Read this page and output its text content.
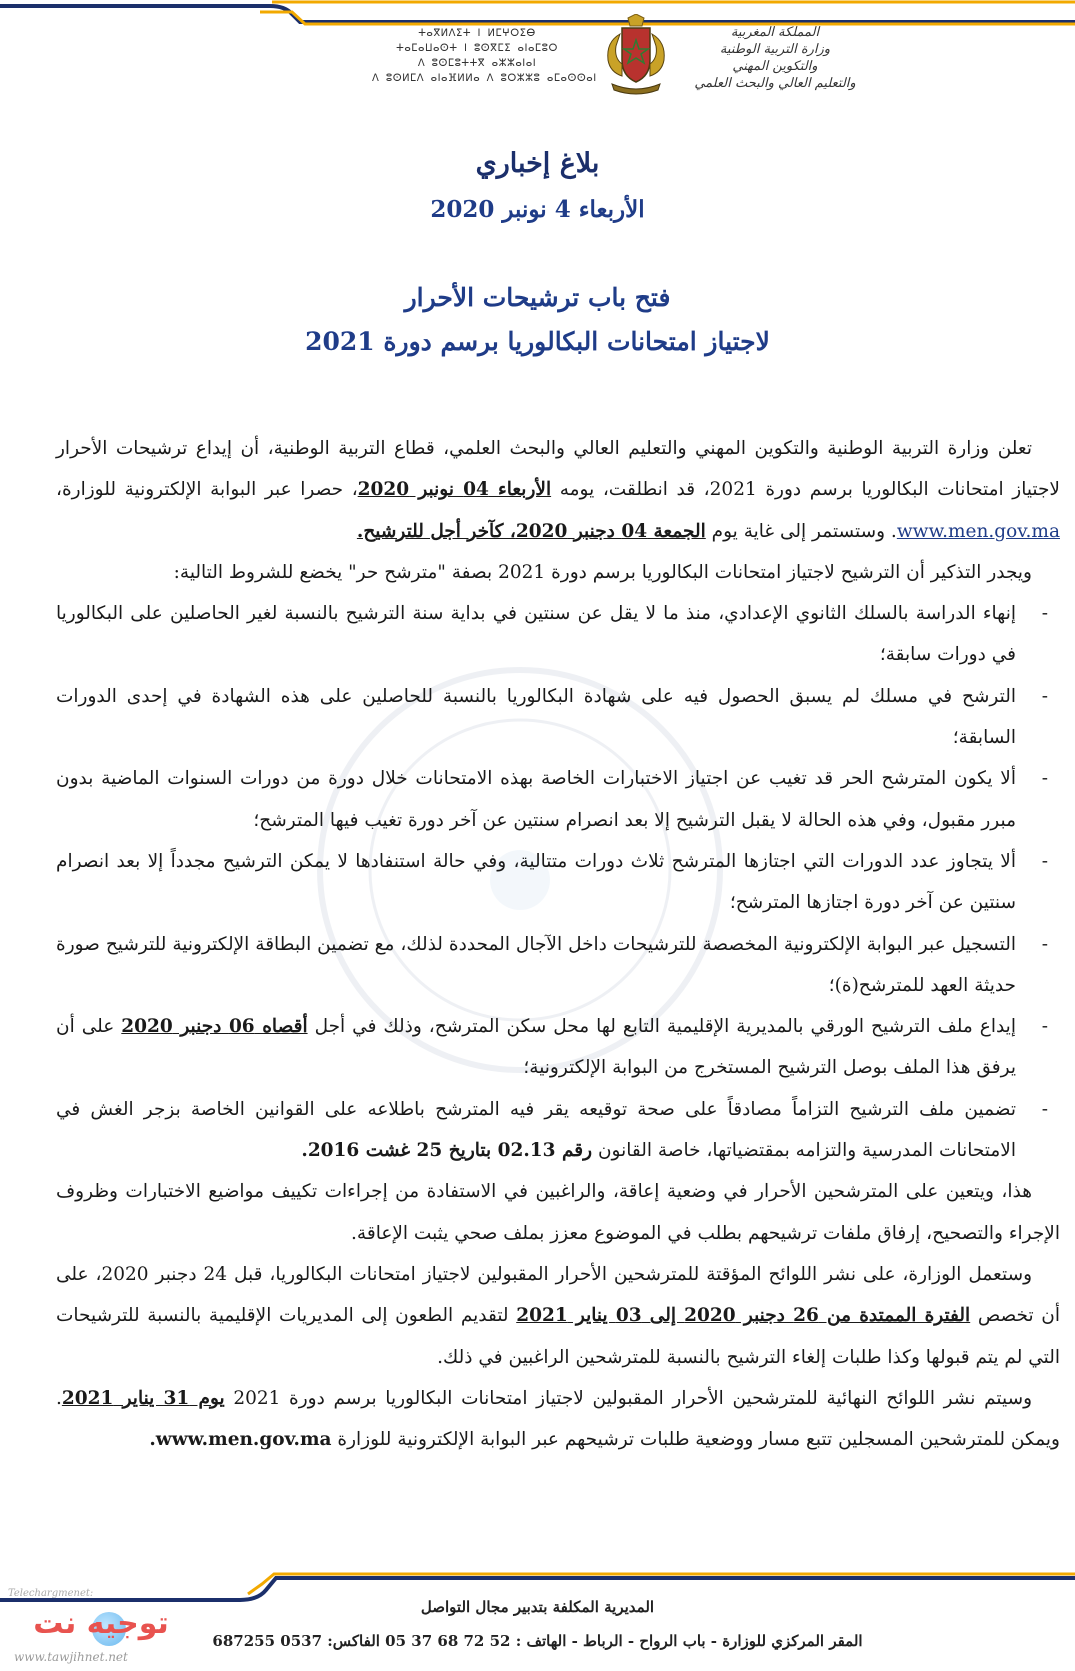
ⵜⴰⴳⵍⴷⵉⵜ ⵏ ⵍⵎⵖⵔⵉⴱ
ⵜⴰⵎⴰⵡⴰⵙⵜ ⵏ ⵓⵙⴳⵎⵉ ⴰⵏⴰⵎⵓⵔ
ⴷ ⵓⵙⵎⵓⵜⵜⴳ ⴰⵣⵣⴰⵏⴰⵏ
ⴷ ⵓⵙⵍⵎⴷ ⴰⵏⴰⴼⵍⵍⴰ ⴷ ⵓⵔⵣⵣⵓ ⴰⵎⴰⵙⵙⴰⵏ
المملكة المغربية
وزارة التربية الوطنية
والتكوين المهني
والتعليم العالي والبحث العلمي
بلاغ إخباري
الأربعاء 4 نونبر 2020
فتح باب ترشيحات الأحرار
لاجتياز امتحانات البكالوريا برسم دورة 2021

تعلن وزارة التربية الوطنية والتكوين المهني والتعليم العالي والبحث العلمي، قطاع التربية الوطنية، أن إيداع ترشيحات الأحرار لاجتياز امتحانات البكالوريا برسم دورة 2021، قد انطلقت، يومه الأربعاء 04 نونبر 2020، حصرا عبر البوابة الإلكترونية للوزارة، www.men.gov.ma. وستستمر إلى غاية يوم الجمعة 04 دجنبر 2020، كآخر أجل للترشيح.

ويجدر التذكير أن الترشيح لاجتياز امتحانات البكالوريا برسم دورة 2021 بصفة "مترشح حر" يخضع للشروط التالية:

-
إنهاء الدراسة بالسلك الثانوي الإعدادي، منذ ما لا يقل عن سنتين في بداية سنة الترشيح بالنسبة لغير الحاصلين على البكالوريا في دورات سابقة؛
-
الترشح في مسلك لم يسبق الحصول فيه على شهادة البكالوريا بالنسبة للحاصلين على هذه الشهادة في إحدى الدورات السابقة؛
-
ألا يكون المترشح الحر قد تغيب عن اجتياز الاختبارات الخاصة بهذه الامتحانات خلال دورة من دورات السنوات الماضية بدون مبرر مقبول، وفي هذه الحالة لا يقبل الترشيح إلا بعد انصرام سنتين عن آخر دورة تغيب فيها المترشح؛
-
ألا يتجاوز عدد الدورات التي اجتازها المترشح ثلاث دورات متتالية، وفي حالة استنفادها لا يمكن الترشيح مجدداً إلا بعد انصرام سنتين عن آخر دورة اجتازها المترشح؛
-
التسجيل عبر البوابة الإلكترونية المخصصة للترشيحات داخل الآجال المحددة لذلك، مع تضمين البطاقة الإلكترونية للترشيح صورة حديثة العهد للمترشح(ة)؛
-
إيداع ملف الترشيح الورقي بالمديرية الإقليمية التابع لها محل سكن المترشح، وذلك في أجل أقصاه 06 دجنبر 2020 على أن يرفق هذا الملف بوصل الترشيح المستخرج من البوابة الإلكترونية؛
-
تضمين ملف الترشيح التزاماً مصادقاً على صحة توقيعه يقر فيه المترشح باطلاعه على القوانين الخاصة بزجر الغش في الامتحانات المدرسية والتزامه بمقتضياتها، خاصة القانون رقم 02.13 بتاريخ 25 غشت 2016.

هذا، ويتعين على المترشحين الأحرار في وضعية إعاقة، والراغبين في الاستفادة من إجراءات تكييف مواضيع الاختبارات وظروف الإجراء والتصحيح، إرفاق ملفات ترشيحهم بطلب في الموضوع معزز بملف صحي يثبت الإعاقة.

وستعمل الوزارة، على نشر اللوائح المؤقتة للمترشحين الأحرار المقبولين لاجتياز امتحانات البكالوريا، قبل 24 دجنبر 2020، على أن تخصص الفترة الممتدة من 26 دجنبر 2020 إلى 03 يناير 2021 لتقديم الطعون إلى المديريات الإقليمية بالنسبة للترشيحات التي لم يتم قبولها وكذا طلبات إلغاء الترشيح بالنسبة للمترشحين الراغبين في ذلك.

وسيتم نشر اللوائح النهائية للمترشحين الأحرار المقبولين لاجتياز امتحانات البكالوريا برسم دورة 2021 يوم 31 يناير 2021. ويمكن للمترشحين المسجلين تتبع مسار ووضعية طلبات ترشيحهم عبر البوابة الإلكترونية للوزارة www.men.gov.ma.

المديرية المكلفة بتدبير مجال التواصل
المقر المركزي للوزارة - باب الرواح - الرباط - الهاتف : 52 72 68 37 05 الفاكس: 0537 687255
Telechargmenet:
توجيه نت
www.tawjihnet.net
